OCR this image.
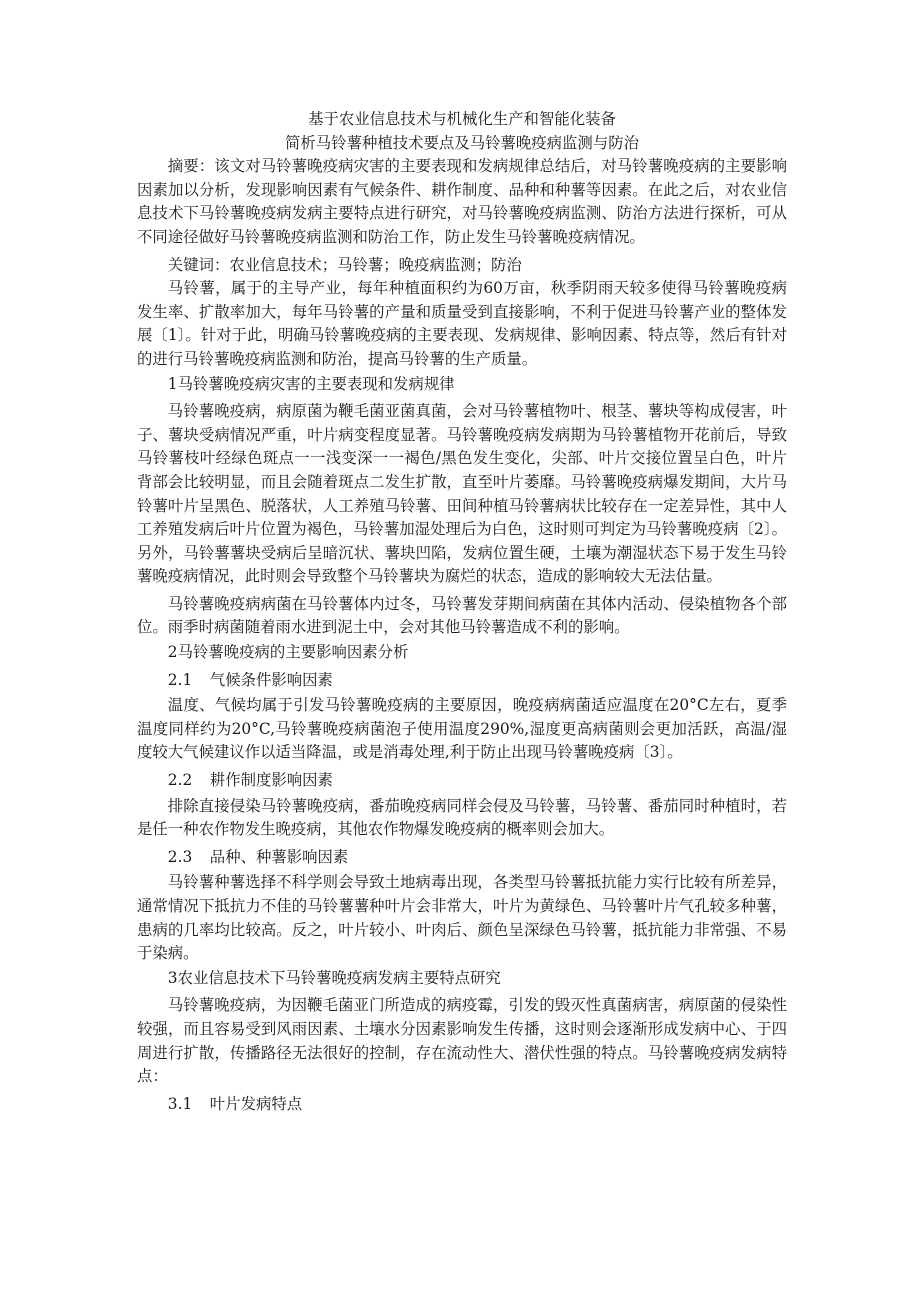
基于农业信息技术与机械化生产和智能化装备

简析马铃薯种植技术要点及马铃薯晚疫病监测与防治

摘要：该文对马铃薯晚疫病灾害的主要表现和发病规律总结后，对马铃薯晚疫病的主要影响因素加以分析，发现影响因素有气候条件、耕作制度、品种和种薯等因素。在此之后，对农业信息技术下马铃薯晚疫病发病主要特点进行研究，对马铃薯晚疫病监测、防治方法进行探析，可从不同途径做好马铃薯晚疫病监测和防治工作，防止发生马铃薯晚疫病情况。

关键词：农业信息技术；马铃薯；晚疫病监测；防治

马铃薯，属于的主导产业，每年种植面积约为60万亩，秋季阴雨天较多使得马铃薯晚疫病发生率、扩散率加大，每年马铃薯的产量和质量受到直接影响，不利于促进马铃薯产业的整体发展〔1〕。针对于此，明确马铃薯晚疫病的主要表现、发病规律、影响因素、特点等，然后有针对的进行马铃薯晚疫病监测和防治，提高马铃薯的生产质量。

1马铃薯晚疫病灾害的主要表现和发病规律

马铃薯晚疫病，病原菌为鞭毛菌亚菌真菌，会对马铃薯植物叶、根茎、薯块等构成侵害，叶子、薯块受病情况严重，叶片病变程度显著。马铃薯晚疫病发病期为马铃薯植物开花前后，导致马铃薯枝叶经绿色斑点一一浅变深一一褐色/黑色发生变化，尖部、叶片交接位置呈白色，叶片背部会比较明显，而且会随着斑点二发生扩散，直至叶片萎靡。马铃薯晚疫病爆发期间，大片马铃薯叶片呈黑色、脱落状，人工养殖马铃薯、田间种植马铃薯病状比较存在一定差异性，其中人工养殖发病后叶片位置为褐色，马铃薯加湿处理后为白色，这时则可判定为马铃薯晚疫病〔2〕。另外，马铃薯薯块受病后呈暗沉状、薯块凹陷，发病位置生硬，土壤为潮湿状态下易于发生马铃薯晚疫病情况，此时则会导致整个马铃薯块为腐烂的状态，造成的影响较大无法估量。

马铃薯晚疫病病菌在马铃薯体内过冬，马铃薯发芽期间病菌在其体内活动、侵染植物各个部位。雨季时病菌随着雨水进到泥土中，会对其他马铃薯造成不利的影响。

2马铃薯晚疫病的主要影响因素分析

2.1 气候条件影响因素

温度、气候均属于引发马铃薯晚疫病的主要原因，晚疫病病菌适应温度在20°C左右，夏季温度同样约为20°C,马铃薯晚疫病菌泡子使用温度290%,湿度更高病菌则会更加活跃，高温/湿度较大气候建议作以适当降温，或是消毒处理,利于防止出现马铃薯晚疫病〔3〕。

2.2 耕作制度影响因素

排除直接侵染马铃薯晚疫病，番茄晚疫病同样会侵及马铃薯，马铃薯、番茄同时种植时，若是任一种农作物发生晚疫病，其他农作物爆发晚疫病的概率则会加大。

2.3 品种、种薯影响因素

马铃薯种薯选择不科学则会导致土地病毒出现，各类型马铃薯抵抗能力实行比较有所差异，通常情况下抵抗力不佳的马铃薯薯种叶片会非常大，叶片为黄绿色、马铃薯叶片气孔较多种薯，患病的几率均比较高。反之，叶片较小、叶肉后、颜色呈深绿色马铃薯，抵抗能力非常强、不易于染病。

3农业信息技术下马铃薯晚疫病发病主要特点研究

马铃薯晚疫病，为因鞭毛菌亚门所造成的病疫霉，引发的毁灭性真菌病害，病原菌的侵染性较强，而且容易受到风雨因素、土壤水分因素影响发生传播，这时则会逐渐形成发病中心、于四周进行扩散，传播路径无法很好的控制，存在流动性大、潜伏性强的特点。马铃薯晚疫病发病特点：

3.1 叶片发病特点
